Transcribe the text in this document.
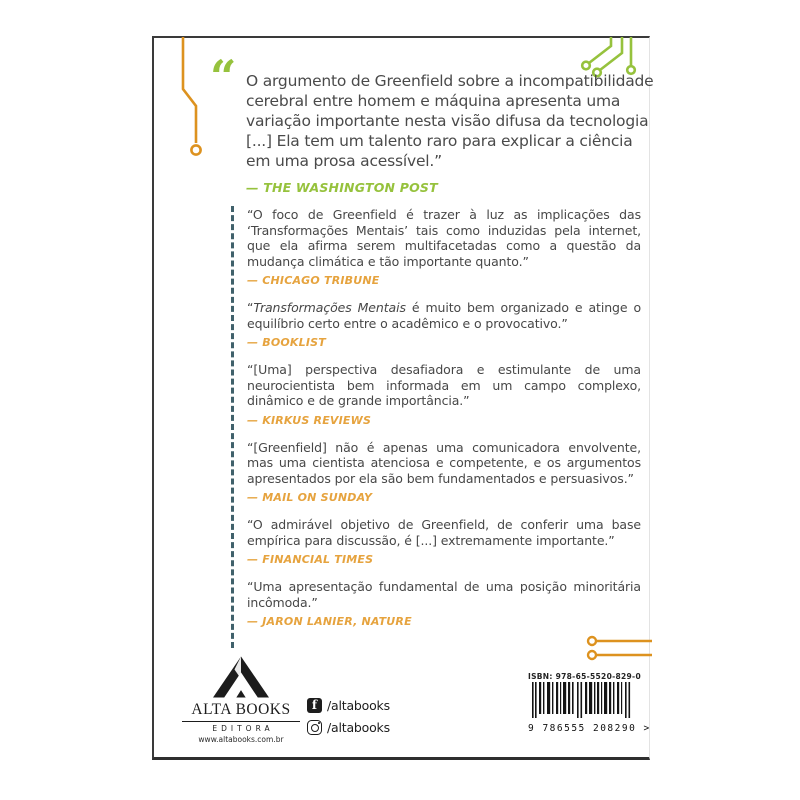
“ O argumento de Greenfield sobre a incompatibilidade cerebral entre homem e máquina apresenta uma variação importante nesta visão difusa da tecnologia [...] Ela tem um talento raro para explicar a ciência em uma prosa acessível.”
— THE WASHINGTON POST

“O foco de Greenfield é trazer à luz as implicações das ‘Transformações Mentais’ tais como induzidas pela internet, que ela afirma serem multifacetadas como a questão da mudança climática e tão importante quanto.”

— CHICAGO TRIBUNE

“Transformações Mentais é muito bem organizado e atinge o equilíbrio certo entre o acadêmico e o provocativo.”

— BOOKLIST

“[Uma] perspectiva desafiadora e estimulante de uma neurocientista bem informada em um campo complexo, dinâmico e de grande importância.”

— KIRKUS REVIEWS

“[Greenfield] não é apenas uma comunicadora envolvente, mas uma cientista atenciosa e competente, e os argumentos apresentados por ela são bem fundamentados e persuasivos.”

— MAIL ON SUNDAY

“O admirável objetivo de Greenfield, de conferir uma base empírica para discussão, é [...] extremamente importante.”

— FINANCIAL TIMES

“Uma apresentação fundamental de uma posição minoritária incômoda.”

— JARON LANIER, NATURE
ALTA BOOKS
EDITORA
www.altabooks.com.br
f /altabooks
/altabooks
ISBN: 978-65-5520-829-0
9 786555 208290 >
